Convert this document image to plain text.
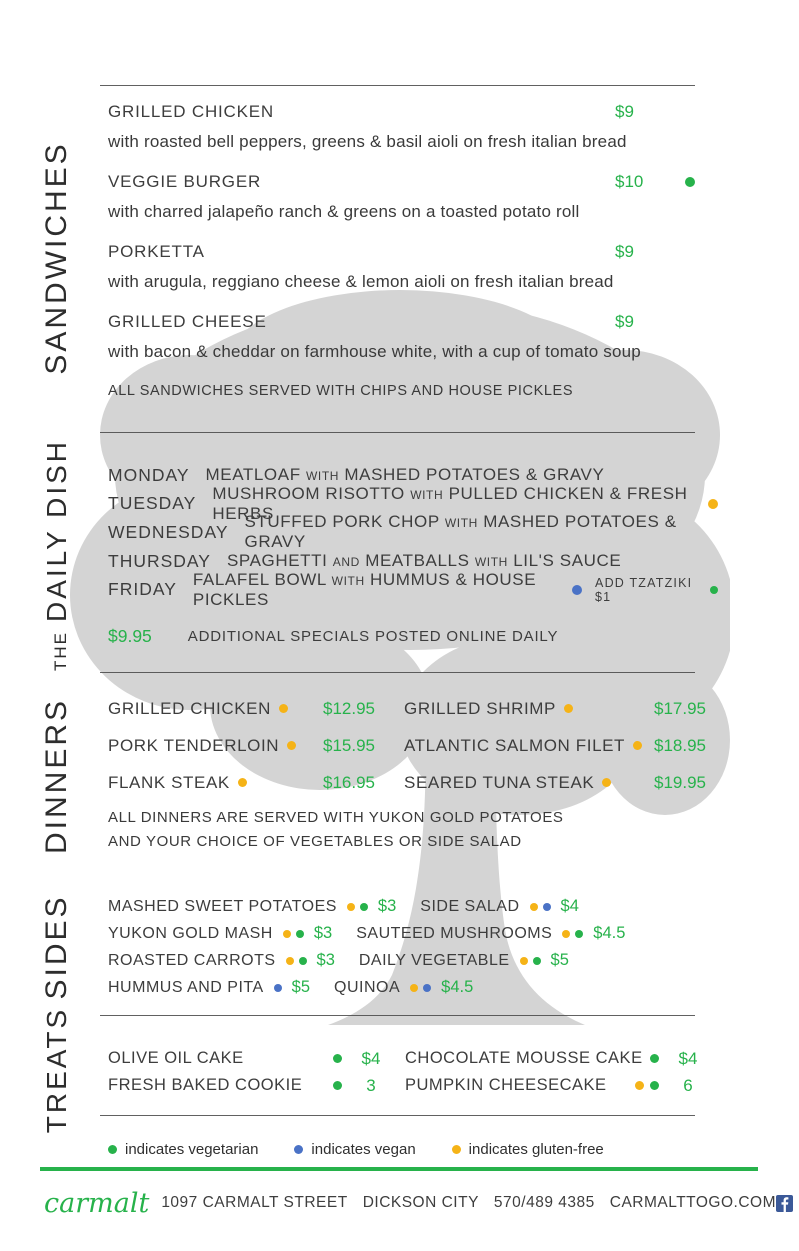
SANDWICHES
THEDAILY DISH
DINNERS
SIDES
TREATS
GRILLED CHICKEN	$9
with roasted bell peppers, greens & basil aioli on fresh italian bread
VEGGIE BURGER	$10
with charred jalapeño ranch & greens on a toasted potato roll
PORKETTA	$9
with arugula, reggiano cheese & lemon aioli on fresh italian bread
GRILLED CHEESE	$9
with bacon & cheddar on farmhouse white, with a cup of tomato soup
ALL SANDWICHES SERVED WITH CHIPS AND HOUSE PICKLES
MONDAY MEATLOAF with MASHED POTATOES & GRAVY
TUESDAY MUSHROOM RISOTTO with PULLED CHICKEN & FRESH HERBS
WEDNESDAY STUFFED PORK CHOP with MASHED POTATOES & GRAVY
THURSDAY SPAGHETTI and MEATBALLS with LIL'S SAUCE
FRIDAY FALAFEL BOWL with HUMMUS & HOUSE PICKLES
ADD TZATZIKI $1
$9.95 ADDITIONAL SPECIALS POSTED ONLINE DAILY
GRILLED CHICKEN	$12.95 GRILLED SHRIMP	$17.95
PORK TENDERLOIN	$15.95 ATLANTIC SALMON FILET $18.95
FLANK STEAK	$16.95 SEARED TUNA STEAK	$19.95
ALL DINNERS ARE SERVED WITH YUKON GOLD POTATOES
AND YOUR CHOICE OF VEGETABLES OR SIDE SALAD
MASHED SWEET POTATOES $3 SIDE SALAD $4
YUKON GOLD MASH $3 SAUTEED MUSHROOMS $4.5
ROASTED CARROTS $3 DAILY VEGETABLE $5
HUMMUS AND PITA $5 QUINOA $4.5
OLIVE OIL CAKE	$4	CHOCOLATE MOUSSE CAKE	$4
FRESH BAKED COOKIE	3	PUMPKIN CHEESECAKE	6
indicates vegetarian	indicates vegan	indicates gluten-free
carmalt 1097 CARMALT STREET DICKSON CITY 570/489 4385 CARMALTTOGO.COM
